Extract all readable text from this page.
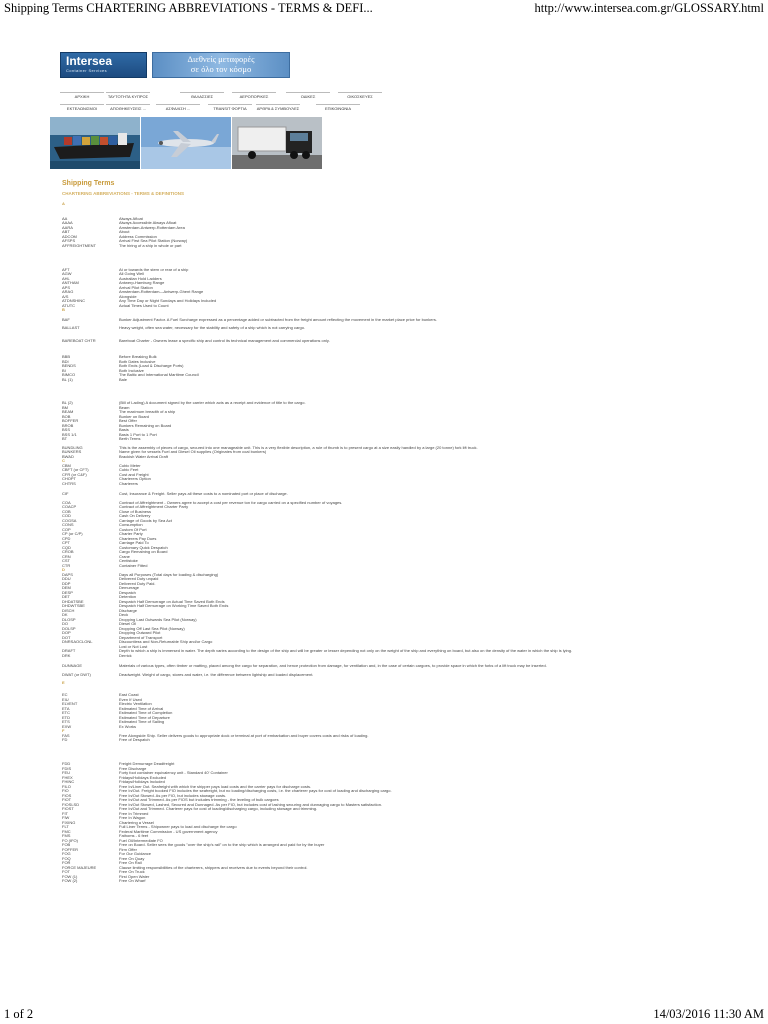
Shipping Terms CHARTERING ABBREVIATIONS - TERMS & DEFI...	http://www.intersea.com.gr/GLOSSARY.html
Intersea
Container Services
Διεθνείς μεταφορές
σε όλο τον κόσμο
ΑΡΧΙΚΗ	ΤΑΥΤΟΤΗΤΑ ΚΥΠΡΟΣ	ΘΑΛΑΣΣΙΕΣ	ΑΕΡΟΠΟΡΙΚΕΣ	ΟΔΙΚΕΣ	ΟΙΚΟΣΚΕΥΕΣ
ΕΚΤΕΛΩΝΙΣΜΟΙ	ΑΠΟΘΗΚΕΥΣΕΙΣ ...	ΑΣΦΑΛΙΣΗ ...	TRANSIT ΦΟΡΤΙΑ	ΑΡΘΡΑ & ΣΥΜΒΟΥΛΕΣ	ΕΠΙΚΟΙΝΩΝΙΑ
Shipping Terms
CHARTERING ABBREVIATIONS - TERMS & DEFINITIONS
A
AA	Always Afloat
AAAA	Always Accessible Always Afloat
AARA	Amsterdam-Antwerp-Rotterdam Area
ABT	About
ADCOM	Address Commission
AFSPS	Arrival First Sea Pilot Station (Norway)
AFFREIGHTMENT	The hiring of a ship in whole or part
AFT	At or towards the stern or rear of a ship
AGW	All Going Well
AHL	Australian Hold Ladders
ANTHAM	Antwerp-Hamburg Range
APS	Arrival Pilot Station
ARAG	Amsterdam-Rotterdam—Antwerp-Ghent Range
A/S	Alongside
ATDNSHINC	Any Time Day or Night Sundays and Holidays Included
ATUTC	Actual Times Used to Count
B
BAF	Bunker Adjustment Factor. A Fuel Surcharge expressed as a percentage added or subtracted from the freight amount reflecting the movement in the market place price for bunkers.
BALLAST	Heavy weight, often sea water, necessary for the stability and safety of a ship which is not carrying cargo.
BAREBOAT CHTR	Bareboat Charter - Owners lease a specific ship and control its technical management and commercial operations only.
BBB	Before Breaking Bulk
BDI	Both Dates Inclusive
BENDS	Both Ends (Load & Discharge Ports)
BI	Both Inclusive
BIMCO	The Baltic and International Maritime Council
BL (1)	Bale
BL (2)	(Bill of Lading) A document signed by the carrier which acts as a receipt and evidence of title to the cargo.
BM	Beam
BEAM	The maximum breadth of a ship
BOB	Bunker on Board
BOFFER	Best Offer
BROB	Bunkers Remaining on Board
BSS	Basis
BSS 1/1	Basis 1 Port to 1 Port
BT	Berth Terms
BUNDLING	This is the assembly of pieces of cargo, secured into one manageable unit. This is a very flexible description, a rule of thumb is to present cargo at a size easily handled by a large (20 tonne) fork lift truck.
BUNKERS	Name given for vessels Fuel and Diesel Oil supplies (Originates from coal bunkers)
BWAD	Brackish Water Arrival Draft
C
CBM	Cubic Meter
CBFT (or CFT)	Cubic Feet
CFR (or C&F)	Cost and Freight
CHOPT	Charterers Option
CHTRS	Charterers
CIF	Cost, Insurance & Freight. Seller pays all these costs to a nominated port or place of discharge.
COA	Contract of Affreightment - Owners agree to accept a cost per revenue ton for cargo carried on a specified number of voyages.
COACP	Contract of Affreightment Charter Party
COB	Close of Business
COD	Cash On Delivery
COGSA	Carriage of Goods by Sea Act
CONS	Consumption
COP	Custom Of Port
CP (or C/P)	Charter Party
CPD	Charterers Pay Dues
CPT	Carriage Paid To
CQD	Customary Quick Despatch
CROB	Cargo Remaining on Board
CRN	Crane
CST	Centistoke
CTR	Container Fitted
D
DAPS	Days all Purposes (Total days for loading & discharging)
DDU	Delivered Duty unpaid
DDP	Delivered Duty Paid.
DEM	Demurrage
DESP	Despatch
DET	Detention
DHDATSBE	Despatch Half Demurrage on Actual Time Saved Both Ends
DHDWTSBE	Despatch Half Demurrage on Working Time Saved Both Ends
DISCH	Discharge
DK	Deck
DLOSP	Dropping Last Outwards Sea Pilot (Norway)
DO	Diesel Oil
DOLSP	Dropping Off Last Sea Pilot (Norway)
DOP	Dropping Outward Pilot
DOT	Department of Transport
DNRSAOCLONL	Discountless and Non-Returnable Ship and/or Cargo
Lost or Not Lost
DRAFT	Depth to which a ship is immersed in water. The depth varies according to the design of the ship and will be greater or lesser depending not only on the weight of the ship and everything on board, but also on the density of the water in which the ship is lying.
DRK	Derrick
DUNNAGE	Materials of various types, often timber or matting, placed among the cargo for separation, and hence protection from damage, for ventilation and, in the case of certain cargoes, to provide space in which the forks of a lift truck may be inserted.
DWAT (or DWT)	Deadweight. Weight of cargo, stores and water, i.e. the difference between lightship and loaded displacement.
E
EC	East Coast
EIU	Even If Used
ELVENT	Electric Ventilation
ETA	Estimated Time of Arrival
ETC	Estimated Time of Completion
ETD	Estimated Time of Departure
ETS	Estimated Time of Sailing
EXW	Ex Works
F
FAS	Free Alongside Ship. Seller delivers goods to appropriate dock or terminal at port of embarkation and buyer covers costs and risks of loading.
FD	Free of Despatch
FDD	Freight Demurrage Deadfreight
FDIS	Free Discharge
FEU	Forty foot container equivalency unit - Standard 40' Container
FHEX	Fridays/Holidays Excluded
FHINC	Fridays/Holidays Included
FILO	Free In/Liner Out. Seafreight with which the shipper pays load costs and the carrier pays for discharge costs.
FIO	Free In/Out. Freight booked FIO includes the seafreight, but no loading/discharging costs, i.e. the charterer pays for cost of loading and discharging cargo.
FIOS	Free In/Out Stowed. As per FIO, but includes stowage costs.
FIOT	Free In/Out and Trimmed. As per FIOS but includes trimming - the leveling of bulk cargoes
FIOSLSD	Free In/Out Stowed, Lashed, Secured and Dunnaged. As per FIO, but includes cost of lashing securing and dunnaging cargo to Masters satisfaction.
FIOST	Free In/Out and Trimmed. Charterer pays for cost of loading/discharging cargo, including stowage and trimming.
FIT	Free In Trimmed
FIW	Free In Wagon
FIXING	Chartering a Vessel
FLT	Full Liner Terms - Shipowner pays to load and discharge the cargo
FMC	Federal Maritime Commission - US government agency
FMS	Fathoms - 6 feet
FO (IFO)	Fuel Oil/Intermediate FO
FOB	Free on Board. Seller sees the goods "over the ship's rail" on to the ship which is arranged and paid for by the buyer
FOFFER	Firm Offer
FOG	For Our Guidance
FOQ	Free On Quay
FOR	Free On Rail
FORCE MAJEURE	Clause limiting responsibilities of the charterers, shippers and receivers due to events beyond their control.
FOT	Free On Truck
FOW (1)	First Open Water
FOW (2)	Free On Wharf
1 of 2	14/03/2016 11:30 AM
